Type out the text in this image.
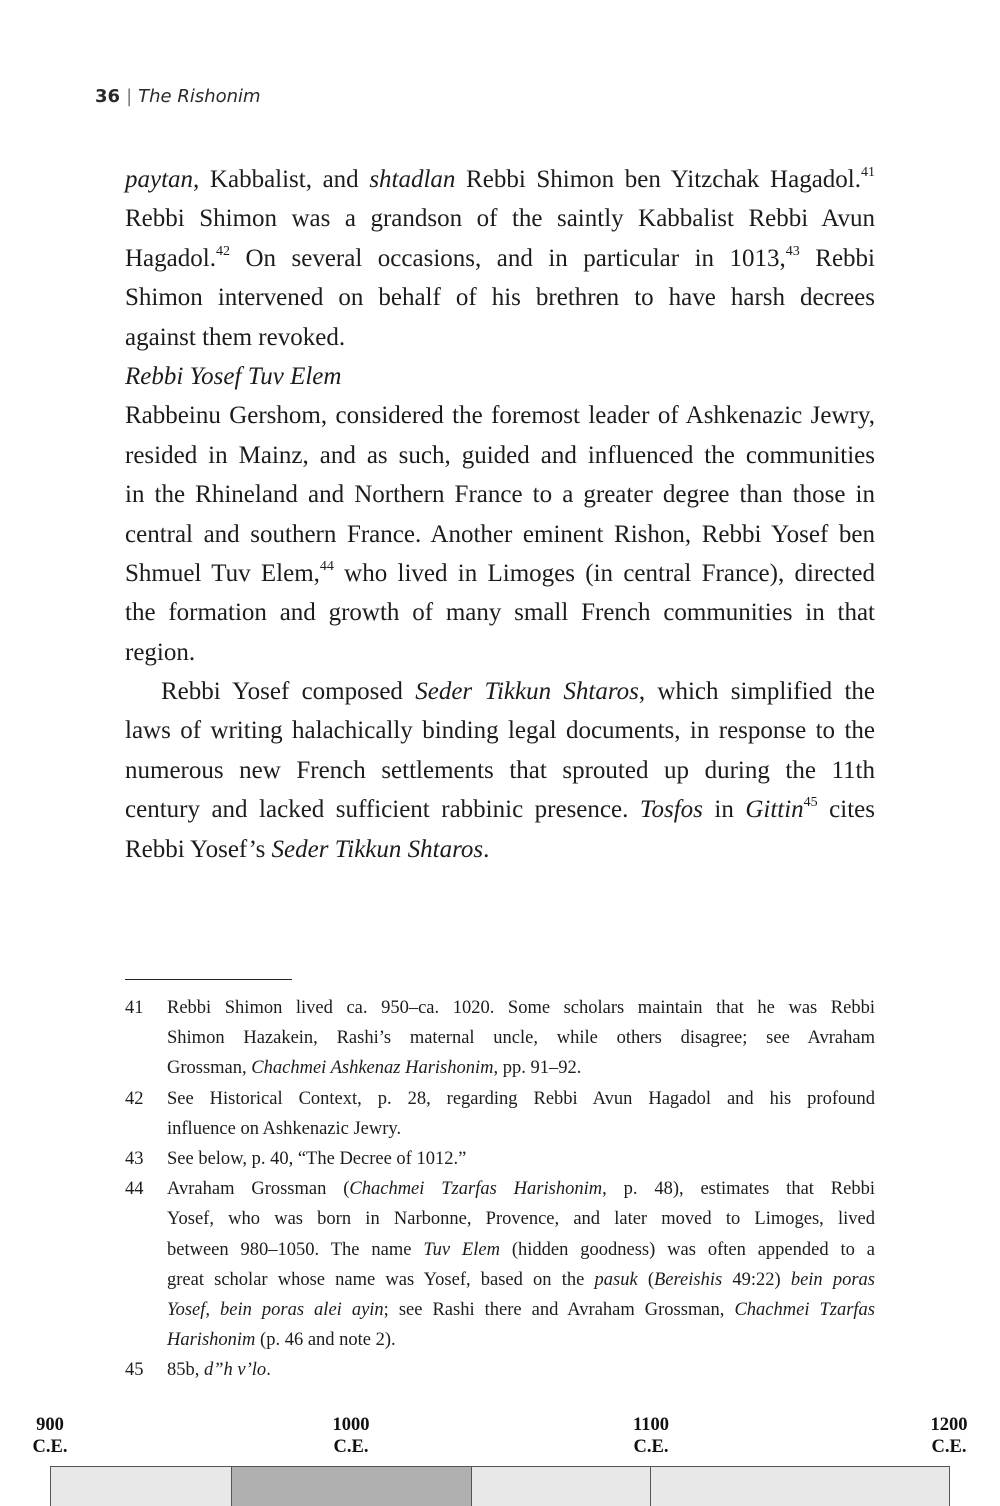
36 | The Rishonim
paytan, Kabbalist, and shtadlan Rebbi Shimon ben Yitzchak Hagadol.$^{41}$
Rebbi Shimon was a grandson of the saintly Kabbalist Rebbi Avun
Hagadol.$^{42}$ On several occasions, and in particular in 1013,43 Rebbi
Shimon intervened on behalf of his brethren to have harsh decrees
against them revoked.
Rebbi Yosef Tuv Elem
Rabbeinu Gershom, considered the foremost leader of Ashkenazic Jewry,
resided in Mainz, and as such, guided and influenced the communities
in the Rhineland and Northern France to a greater degree than those in
central and southern France. Another eminent Rishon, Rebbi Yosef ben
Shmuel Tuv Elem,$^{44}$ who lived in Limoges (in central France), directed
the formation and growth of many small French communities in that
region.
Rebbi Yosef composed Seder Tikkun Shtaros, which simplified the
laws of writing halachically binding legal documents, in response to the
numerous new French settlements that sprouted up during the 11th
century and lacked sufficient rabbinic presence. Tosfos in Gittin$^{45}$ cites
Rebbi Yosef’s Seder Tikkun Shtaros.
41	Rebbi Shimon lived ca. 950–ca. 1020. Some scholars maintain that he was Rebbi
Shimon Hazakein, Rashi’s maternal uncle, while others disagree; see Avraham
Grossman, Chachmei Ashkenaz Harishonim, pp. 91–92.
42	See Historical Context, p. 28, regarding Rebbi Avun Hagadol and his profound
influence on Ashkenazic Jewry.
43	See below, p. 40, “The Decree of 1012.”
44	Avraham Grossman (Chachmei Tzarfas Harishonim, p. 48), estimates that Rebbi
Yosef, who was born in Narbonne, Provence, and later moved to Limoges, lived
between 980–1050. The name Tuv Elem (hidden goodness) was often appended to a
great scholar whose name was Yosef, based on the pasuk (Bereishis 49:22) bein poras
Yosef, bein poras alei ayin; see Rashi there and Avraham Grossman, Chachmei Tzarfas
Harishonim (p. 46 and note 2).
45	85b, d”h v’lo.
900
C.E.
1000
C.E.
1100
C.E.
1200
C.E.
